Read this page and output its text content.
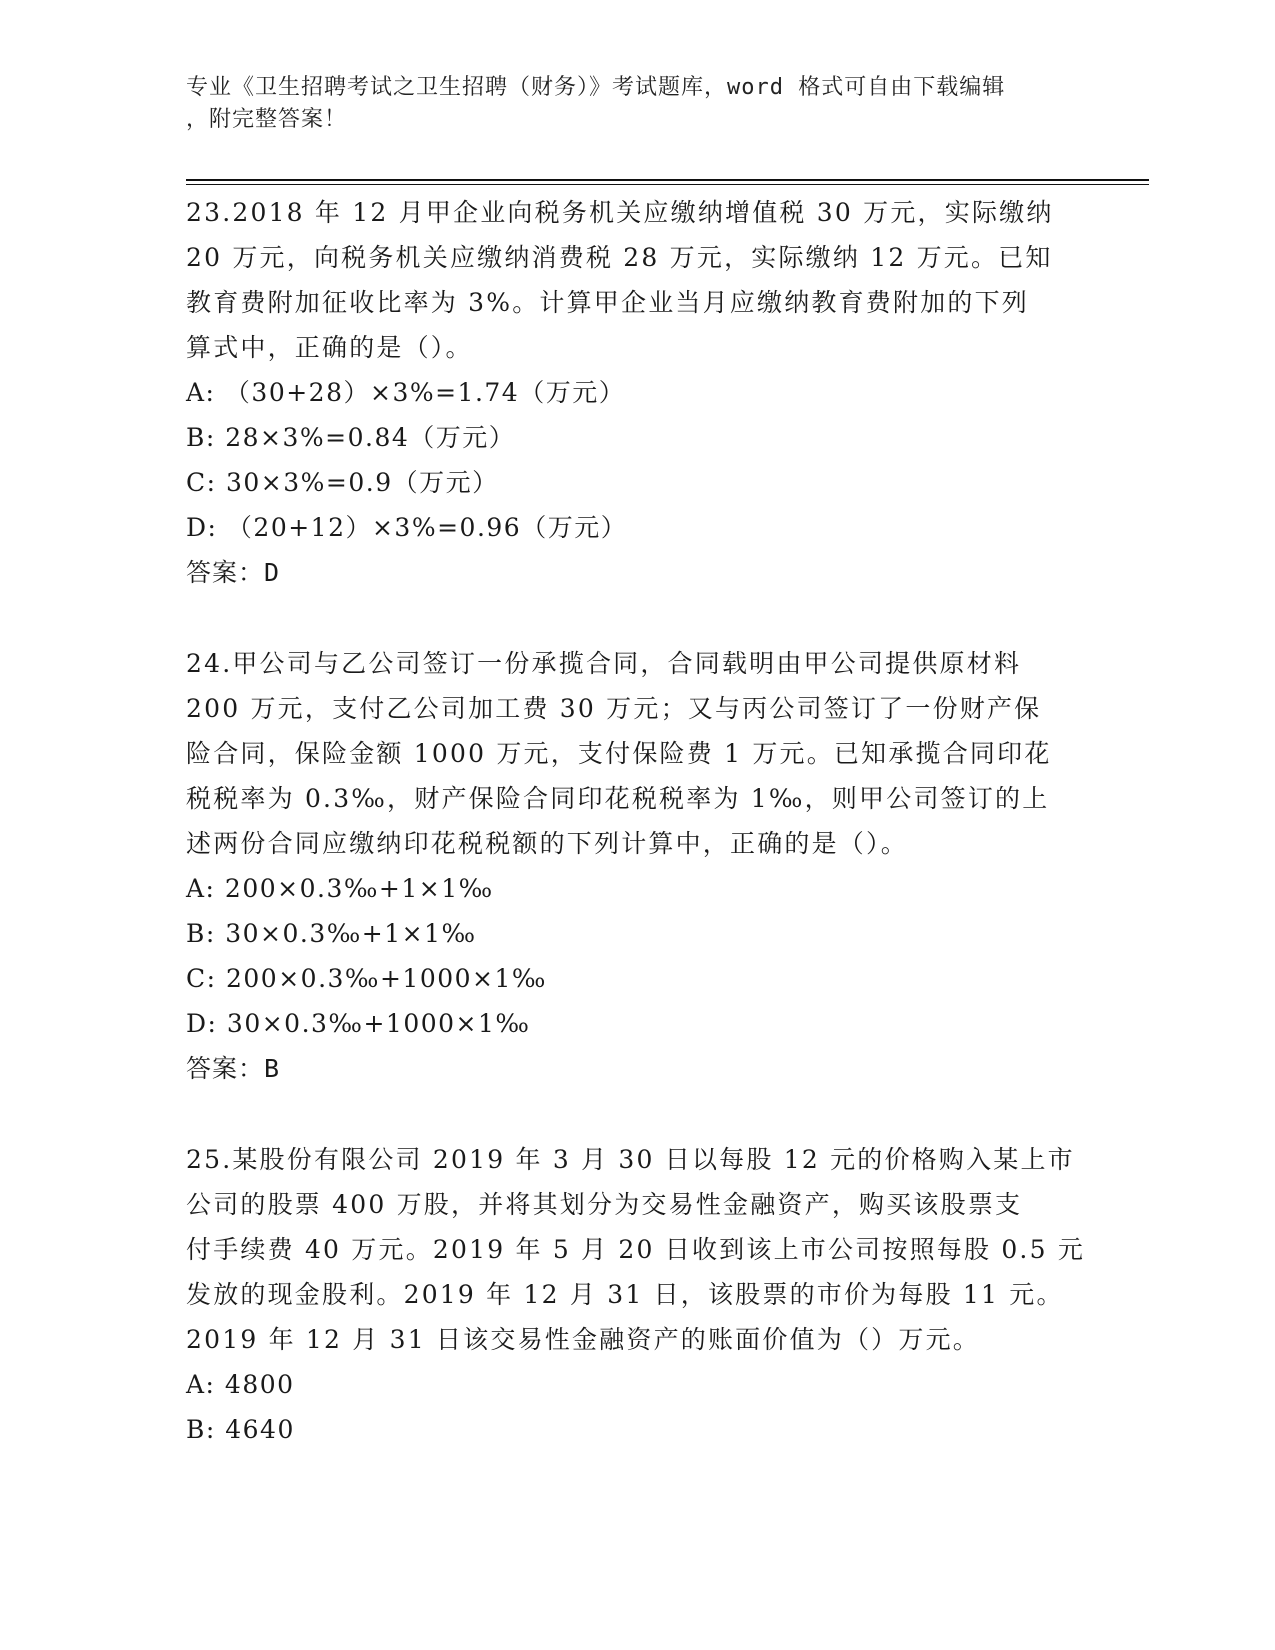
专业《卫生招聘考试之卫生招聘（财务）》考试题库，word 格式可自由下载编辑
，附完整答案！
23.2018 年 12 月甲企业向税务机关应缴纳增值税 30 万元，实际缴纳
20 万元，向税务机关应缴纳消费税 28 万元，实际缴纳 12 万元。已知
教育费附加征收比率为 3%。计算甲企业当月应缴纳教育费附加的下列
算式中，正确的是（）。
A: （30+28）×3%=1.74（万元）
B: 28×3%=0.84（万元）
C: 30×3%=0.9（万元）
D: （20+12）×3%=0.96（万元）
答案：D
24.甲公司与乙公司签订一份承揽合同，合同载明由甲公司提供原材料
200 万元，支付乙公司加工费 30 万元；又与丙公司签订了一份财产保
险合同，保险金额 1000 万元，支付保险费 1 万元。已知承揽合同印花
税税率为 0.3‰，财产保险合同印花税税率为 1‰，则甲公司签订的上
述两份合同应缴纳印花税税额的下列计算中，正确的是（）。
A: 200×0.3‰+1×1‰
B: 30×0.3‰+1×1‰
C: 200×0.3‰+1000×1‰
D: 30×0.3‰+1000×1‰
答案：B
25.某股份有限公司 2019 年 3 月 30 日以每股 12 元的价格购入某上市
公司的股票 400 万股，并将其划分为交易性金融资产，购买该股票支
付手续费 40 万元。2019 年 5 月 20 日收到该上市公司按照每股 0.5 元
发放的现金股利。2019 年 12 月 31 日，该股票的市价为每股 11 元。
2019 年 12 月 31 日该交易性金融资产的账面价值为（）万元。
A: 4800
B: 4640
